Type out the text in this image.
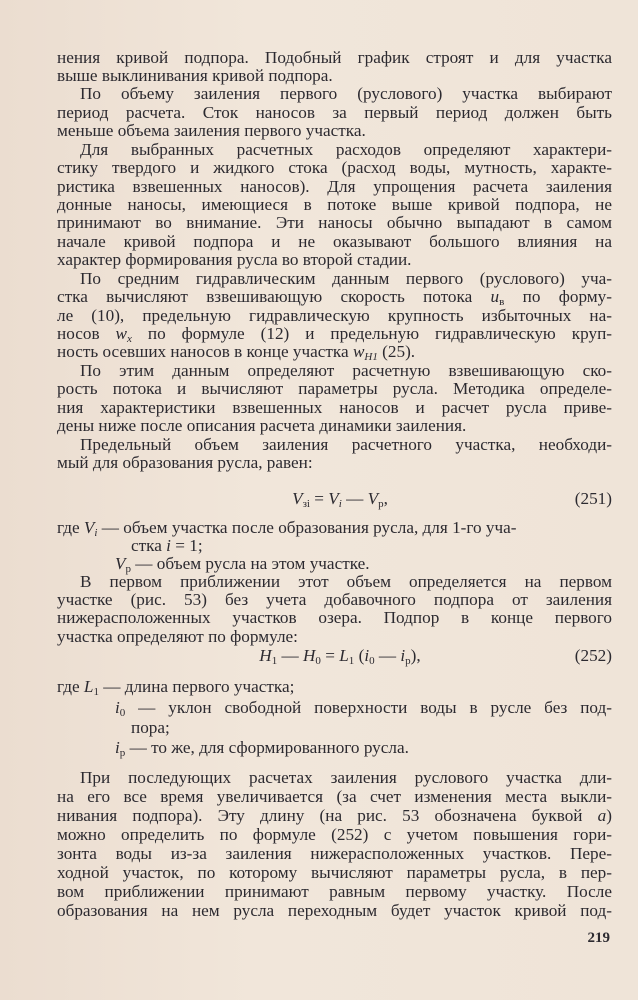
нения кривой подпора. Подобный график строят и для участка
выше выклинивания кривой подпора.
По объему заиления первого (руслового) участка выбирают
период расчета. Сток наносов за первый период должен быть
меньше объема заиления первого участка.
Для выбранных расчетных расходов определяют характери-
стику твердого и жидкого стока (расход воды, мутность, характе-
ристика взвешенных наносов). Для упрощения расчета заиления
донные наносы, имеющиеся в потоке выше кривой подпора, не
принимают во внимание. Эти наносы обычно выпадают в самом
начале кривой подпора и не оказывают большого влияния на
характер формирования русла во второй стадии.
По средним гидравлическим данным первого (руслового) уча-
стка вычисляют взвешивающую скорость потока $u_в$ по форму-
ле (10), предельную гидравлическую крупность избыточных на-
носов $w_x$ по формуле (12) и предельную гидравлическую круп-
ность осевших наносов в конце участка $w_{H1}$ (25).
По этим данным определяют расчетную взвешивающую ско-
рость потока и вычисляют параметры русла. Методика определе-
ния характеристики взвешенных наносов и расчет русла приве-
дены ниже после описания расчета динамики заиления.
Предельный объем заиления расчетного участка, необходи-
мый для образования русла, равен:
$V_{зi} = V_i$ — $V_р$,	(251)
где $V_i$ — объем участка после образования русла, для 1-го уча-
стка i = 1;
$V_р$ — объем русла на этом участке.
В первом приближении этот объем определяется на первом
участке (рис. 53) без учета добавочного подпора от заиления
нижерасположенных участков озера. Подпор в конце первого
участка определяют по формуле:
$H_1$ — $H_0 = L_1$ ($i_0$ — $i_р$),	(252)
где $L_1$ — длина первого участка;
$i_0$ — уклон свободной поверхности воды в русле без под-
пора;
$i_р$ — то же, для сформированного русла.
При последующих расчетах заиления руслового участка дли-
на его все время увеличивается (за счет изменения места выкли-
нивания подпора). Эту длину (на рис. 53 обозначена буквой a)
можно определить по формуле (252) с учетом повышения гори-
зонта воды из-за заиления нижерасположенных участков. Пере-
ходной участок, по которому вычисляют параметры русла, в пер-
вом приближении принимают равным первому участку. После
образования на нем русла переходным будет участок кривой под-
219
